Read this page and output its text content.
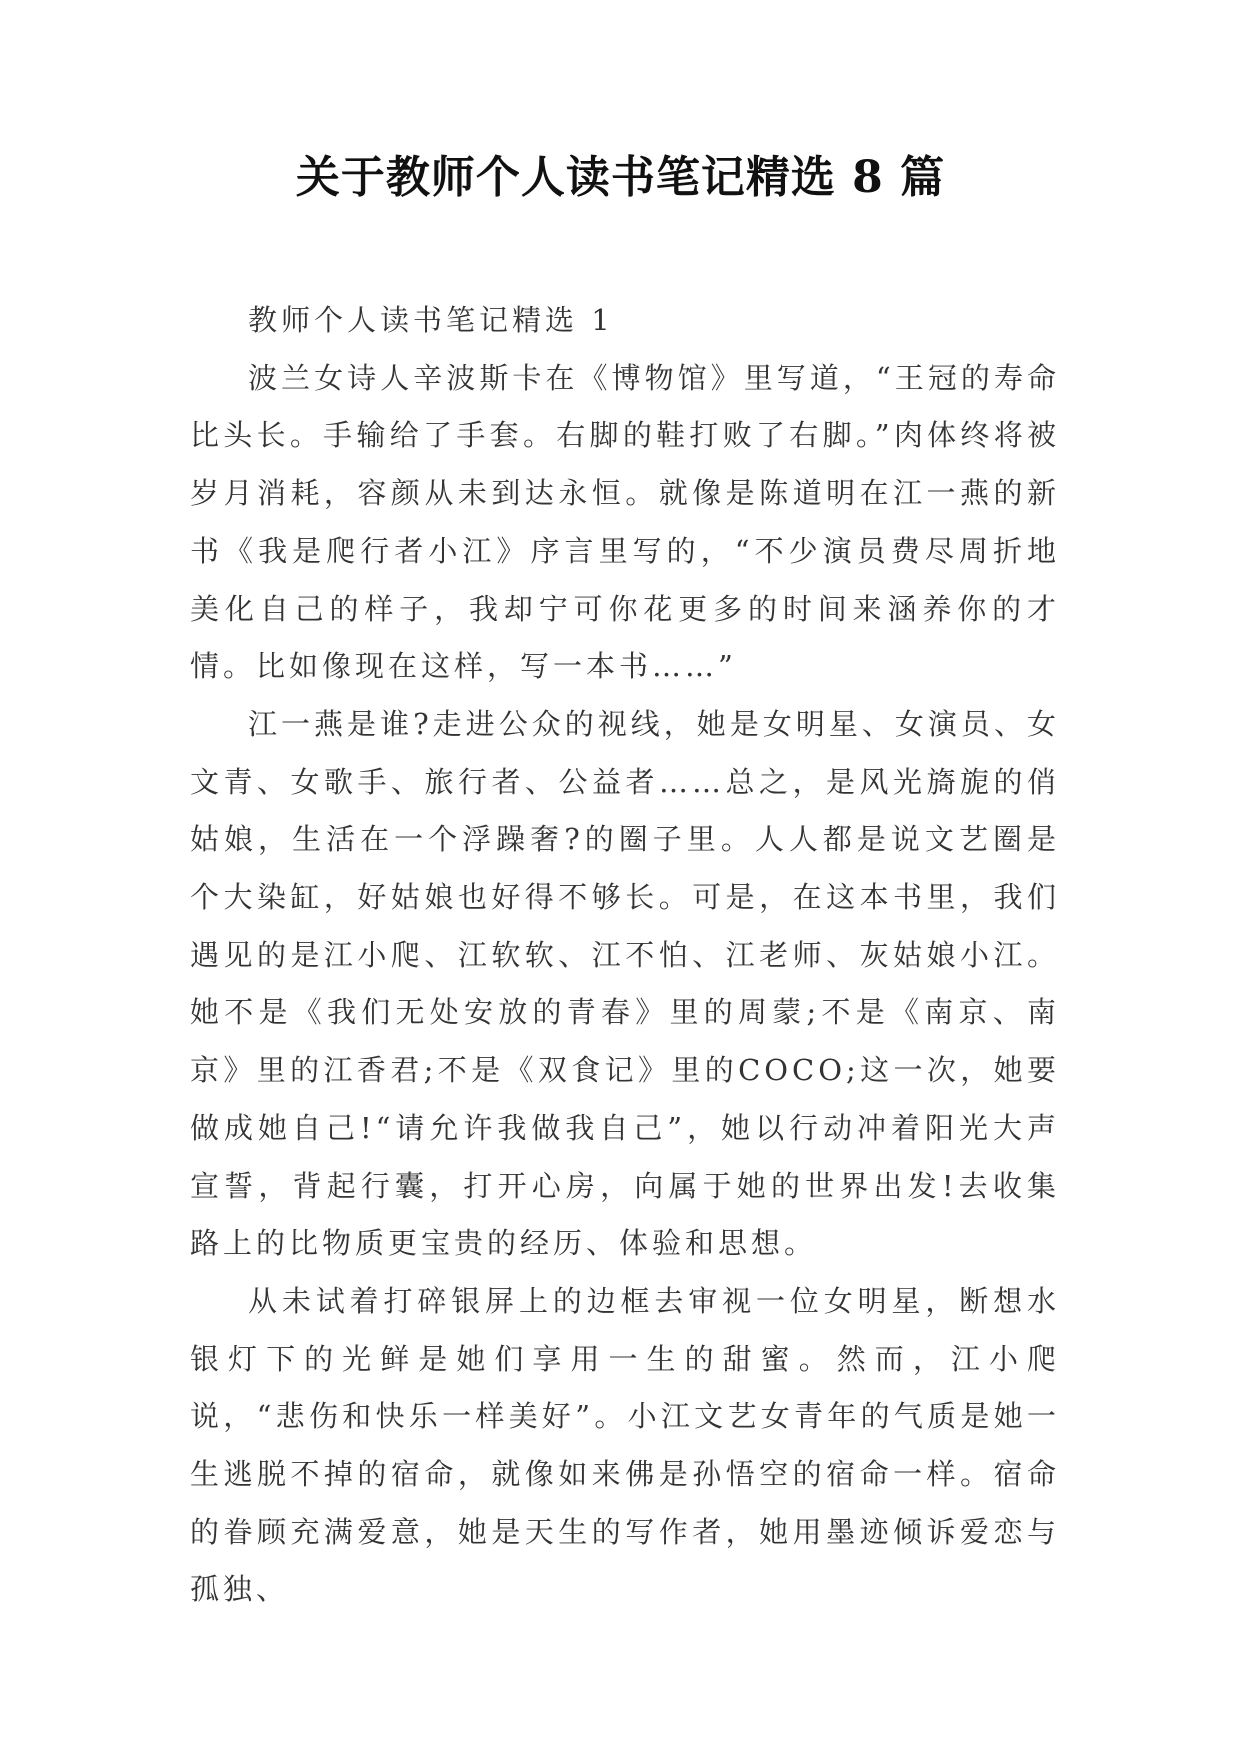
关于教师个人读书笔记精选 8 篇

教师个人读书笔记精选 1

波兰女诗人辛波斯卡在《博物馆》里写道，“王冠的寿命比头长。手输给了手套。右脚的鞋打败了右脚。”肉体终将被岁月消耗，容颜从未到达永恒。就像是陈道明在江一燕的新书《我是爬行者小江》序言里写的，“不少演员费尽周折地美化自己的样子，我却宁可你花更多的时间来涵养你的才情。比如像现在这样，写一本书……”

江一燕是谁?走进公众的视线，她是女明星、女演员、女文青、女歌手、旅行者、公益者……总之，是风光旖旎的俏姑娘，生活在一个浮躁奢?的圈子里。人人都是说文艺圈是个大染缸，好姑娘也好得不够长。可是，在这本书里，我们遇见的是江小爬、江软软、江不怕、江老师、灰姑娘小江。她不是《我们无处安放的青春》里的周蒙;不是《南京、南京》里的江香君;不是《双食记》里的COCO;这一次，她要做成她自己!“请允许我做我自己”，她以行动冲着阳光大声宣誓，背起行囊，打开心房，向属于她的世界出发!去收集路上的比物质更宝贵的经历、体验和思想。

从未试着打碎银屏上的边框去审视一位女明星，断想水银灯下的光鲜是她们享用一生的甜蜜。然而，江小爬说，“悲伤和快乐一样美好”。小江文艺女青年的气质是她一生逃脱不掉的宿命，就像如来佛是孙悟空的宿命一样。宿命的眷顾充满爱意，她是天生的写作者，她用墨迹倾诉爱恋与孤独、
